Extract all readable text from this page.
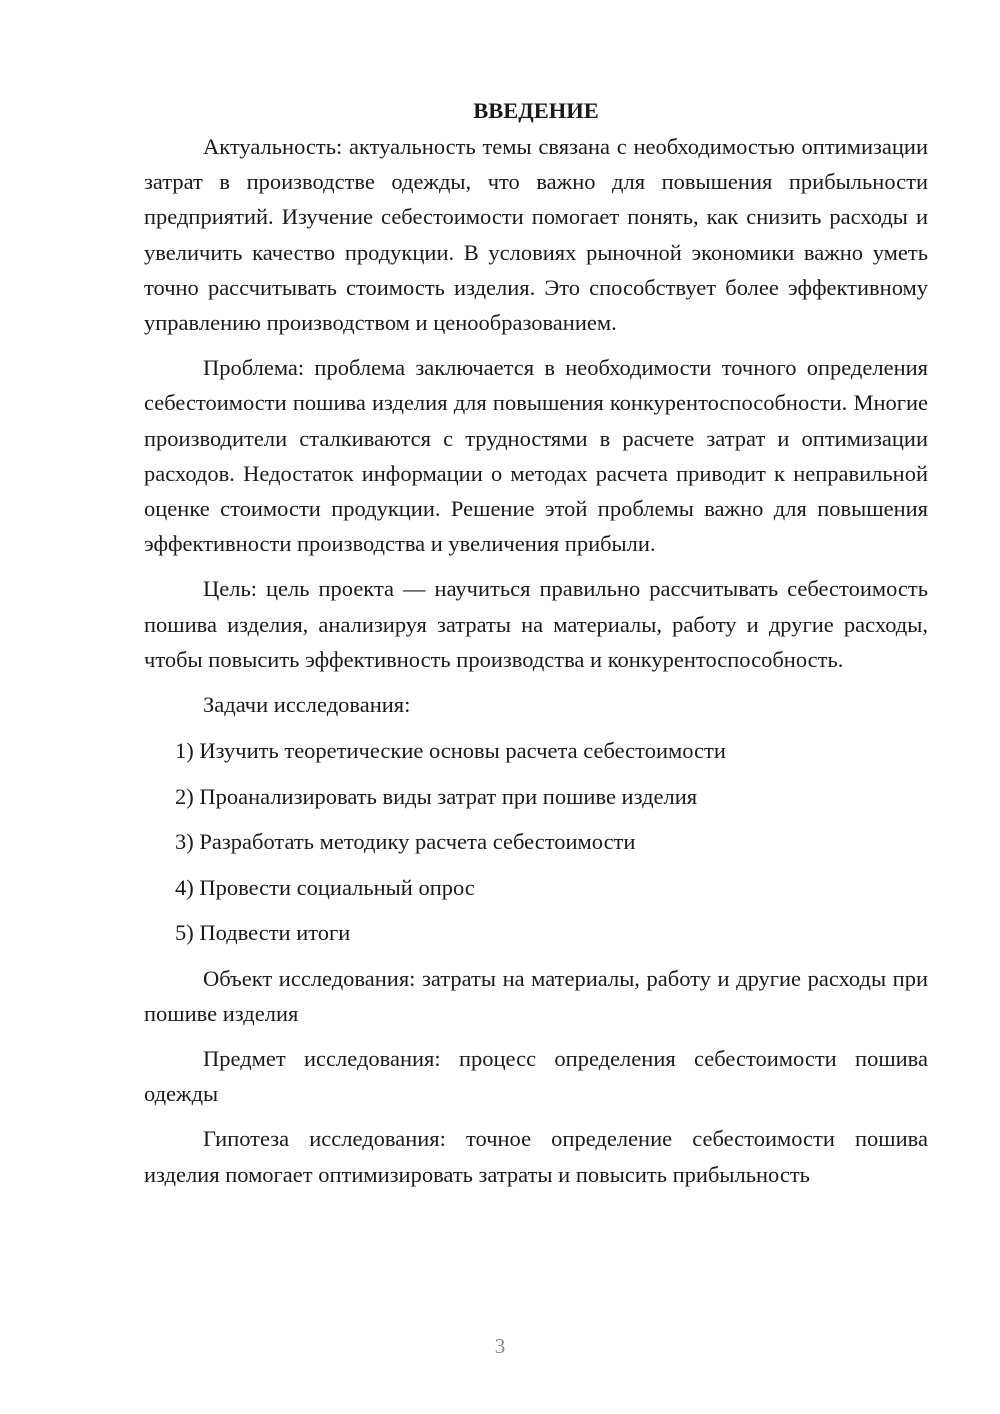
ВВЕДЕНИЕ

Актуальность: актуальность темы связана с необходимостью оптимизации затрат в производстве одежды, что важно для повышения прибыльности предприятий. Изучение себестоимости помогает понять, как снизить расходы и увеличить качество продукции. В условиях рыночной экономики важно уметь точно рассчитывать стоимость изделия. Это способствует более эффективному управлению производством и ценообразованием.

Проблема: проблема заключается в необходимости точного определения себестоимости пошива изделия для повышения конкурентоспособности. Многие производители сталкиваются с трудностями в расчете затрат и оптимизации расходов. Недостаток информации о методах расчета приводит к неправильной оценке стоимости продукции. Решение этой проблемы важно для повышения эффективности производства и увеличения прибыли.

Цель: цель проекта — научиться правильно рассчитывать себестоимость пошива изделия, анализируя затраты на материалы, работу и другие расходы, чтобы повысить эффективность производства и конкурентоспособность.

Задачи исследования:

1) Изучить теоретические основы расчета себестоимости
2) Проанализировать виды затрат при пошиве изделия
3) Разработать методику расчета себестоимости
4) Провести социальный опрос
5) Подвести итоги

Объект исследования: затраты на материалы, работу и другие расходы при пошиве изделия

Предмет исследования: процесс определения себестоимости пошива одежды

Гипотеза исследования: точное определение себестоимости пошива изделия помогает оптимизировать затраты и повысить прибыльность

3
